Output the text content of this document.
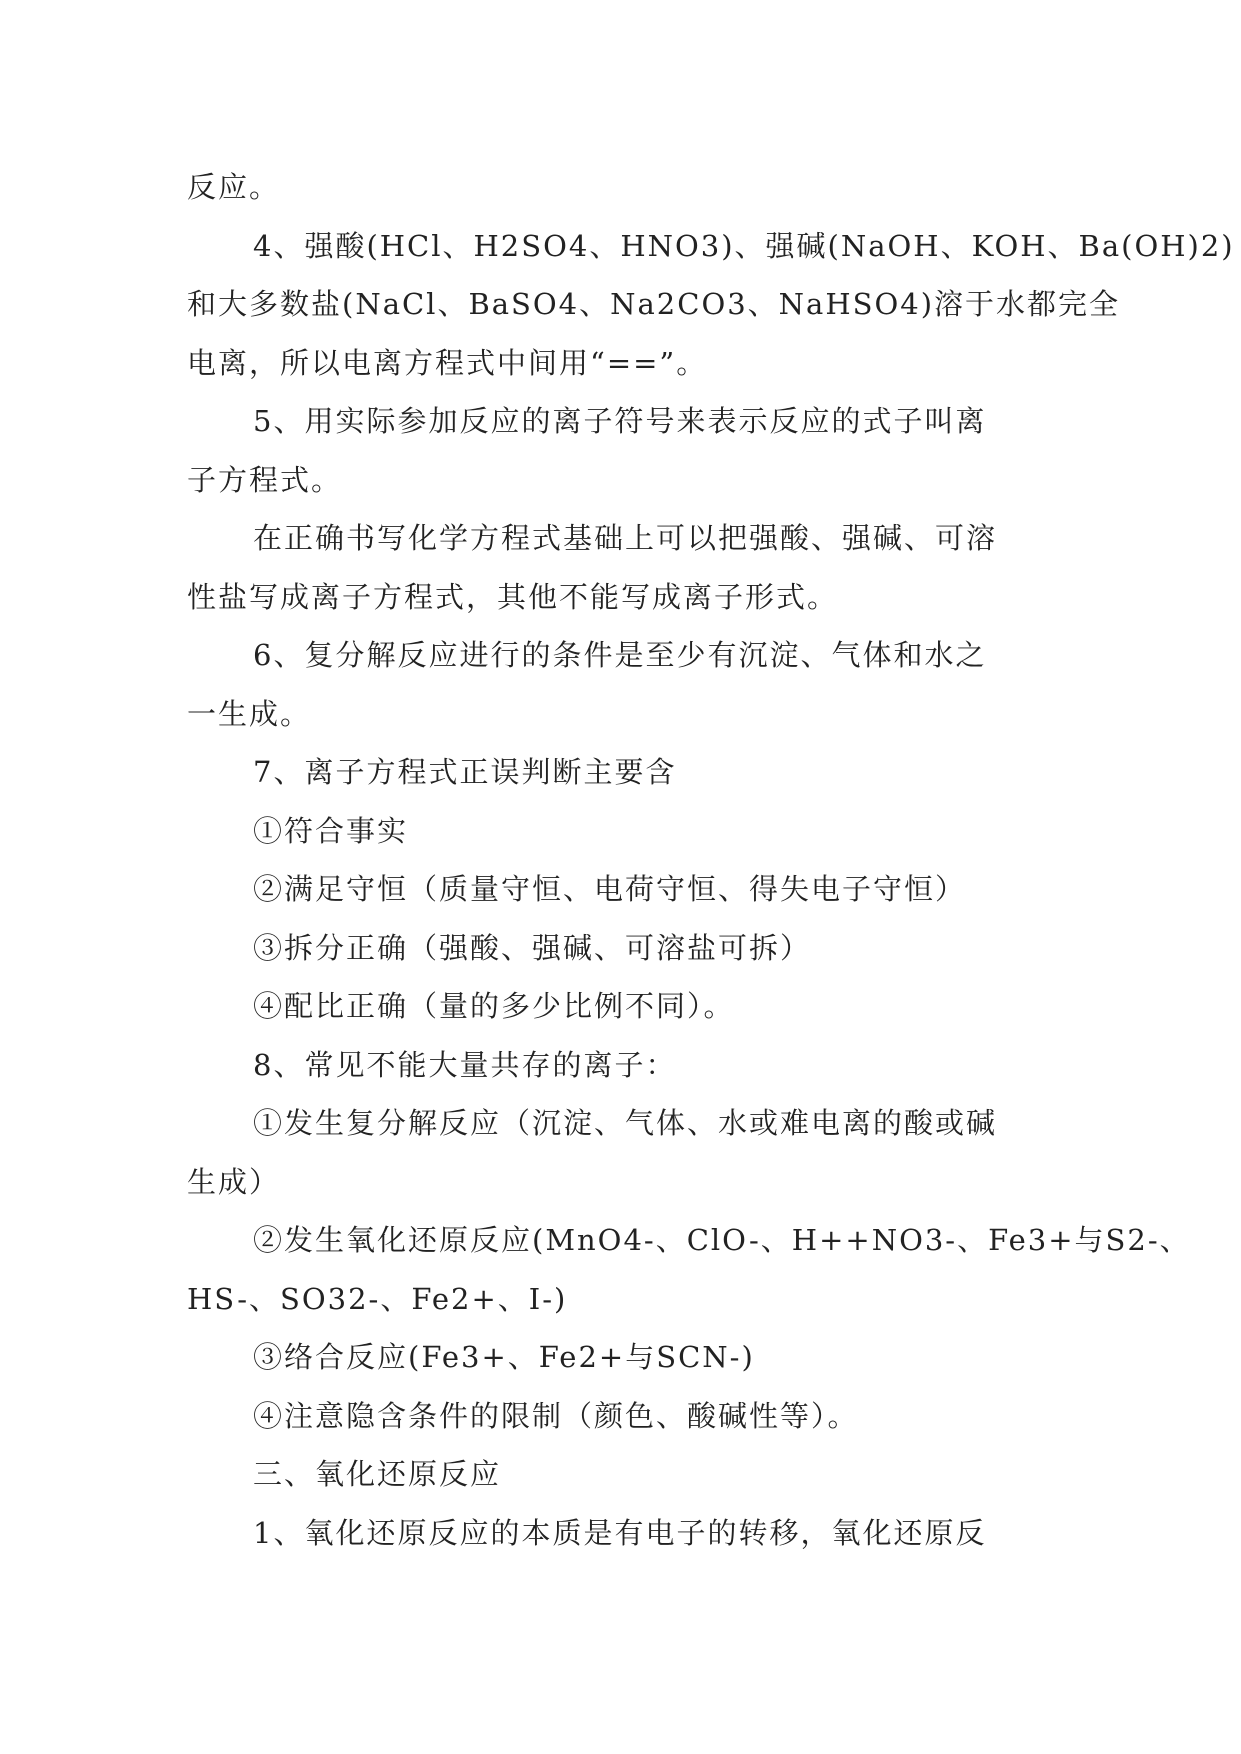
反应。
4、强酸(HCl、H2SO4、HNO3)、强碱(NaOH、KOH、Ba(OH)2)
和大多数盐(NaCl、BaSO4、Na2CO3、NaHSO4)溶于水都完全
电离，所以电离方程式中间用“==”。
5、用实际参加反应的离子符号来表示反应的式子叫离
子方程式。
在正确书写化学方程式基础上可以把强酸、强碱、可溶
性盐写成离子方程式，其他不能写成离子形式。
6、复分解反应进行的条件是至少有沉淀、气体和水之
一生成。
7、离子方程式正误判断主要含
①符合事实
②满足守恒（质量守恒、电荷守恒、得失电子守恒）
③拆分正确（强酸、强碱、可溶盐可拆）
④配比正确（量的多少比例不同）。
8、常见不能大量共存的离子：
①发生复分解反应（沉淀、气体、水或难电离的酸或碱
生成）
②发生氧化还原反应(MnO4-、ClO-、H++NO3-、Fe3+与S2-、
HS-、SO32-、Fe2+、I-)
③络合反应(Fe3+、Fe2+与SCN-)
④注意隐含条件的限制（颜色、酸碱性等）。
三、氧化还原反应
1、氧化还原反应的本质是有电子的转移，氧化还原反
